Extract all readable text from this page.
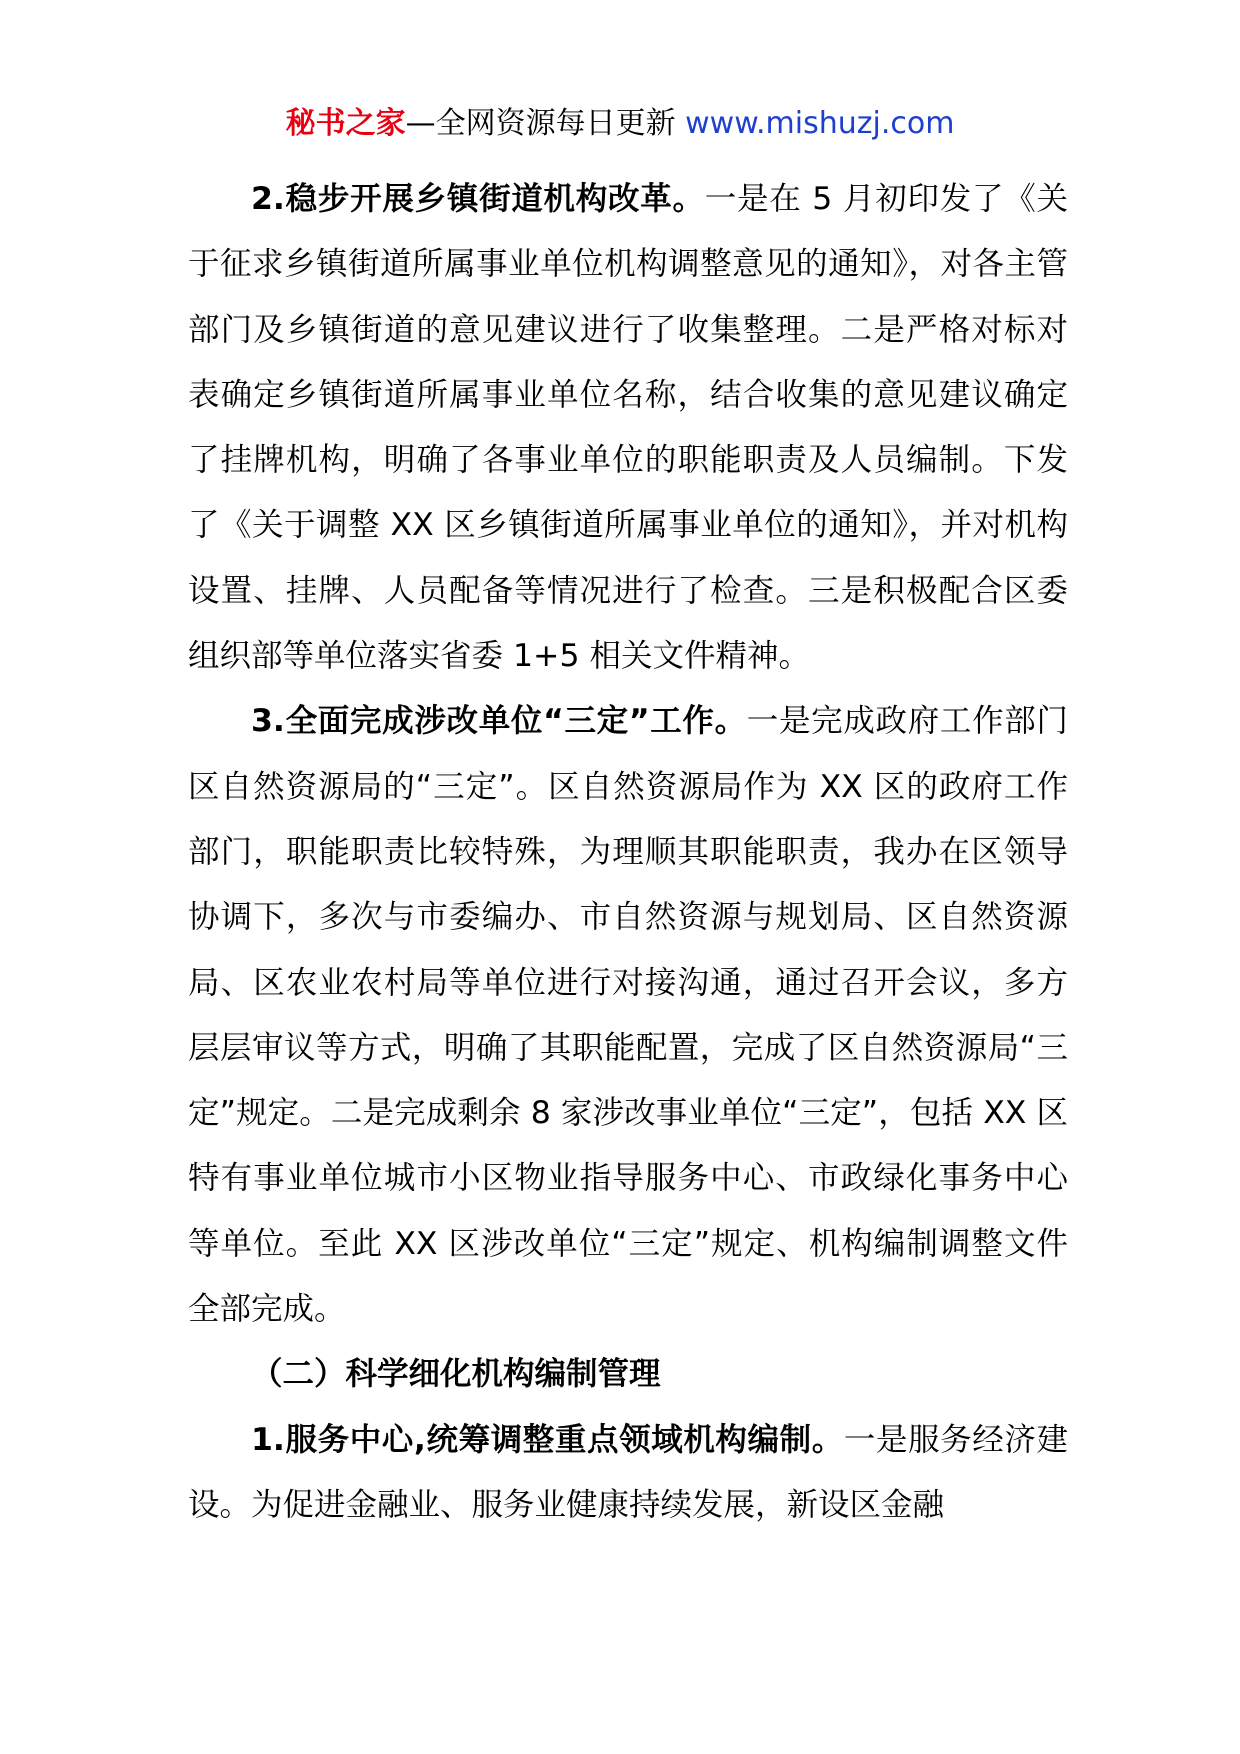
秘书之家—全网资源每日更新 www.mishuzj.com

2.稳步开展乡镇街道机构改革。一是在 5 月初印发了《关于征求乡镇街道所属事业单位机构调整意见的通知》，对各主管部门及乡镇街道的意见建议进行了收集整理。二是严格对标对表确定乡镇街道所属事业单位名称，结合收集的意见建议确定了挂牌机构，明确了各事业单位的职能职责及人员编制。下发了《关于调整 XX 区乡镇街道所属事业单位的通知》，并对机构设置、挂牌、人员配备等情况进行了检查。三是积极配合区委组织部等单位落实省委 1+5 相关文件精神。

3.全面完成涉改单位“三定”工作。一是完成政府工作部门区自然资源局的“三定”。区自然资源局作为 XX 区的政府工作部门，职能职责比较特殊，为理顺其职能职责，我办在区领导协调下，多次与市委编办、市自然资源与规划局、区自然资源局、区农业农村局等单位进行对接沟通，通过召开会议，多方层层审议等方式，明确了其职能配置，完成了区自然资源局“三定”规定。二是完成剩余 8 家涉改事业单位“三定”，包括 XX 区特有事业单位城市小区物业指导服务中心、市政绿化事务中心等单位。至此 XX 区涉改单位“三定”规定、机构编制调整文件全部完成。

（二）科学细化机构编制管理

1.服务中心,统筹调整重点领域机构编制。一是服务经济建设。为促进金融业、服务业健康持续发展，新设区金融
